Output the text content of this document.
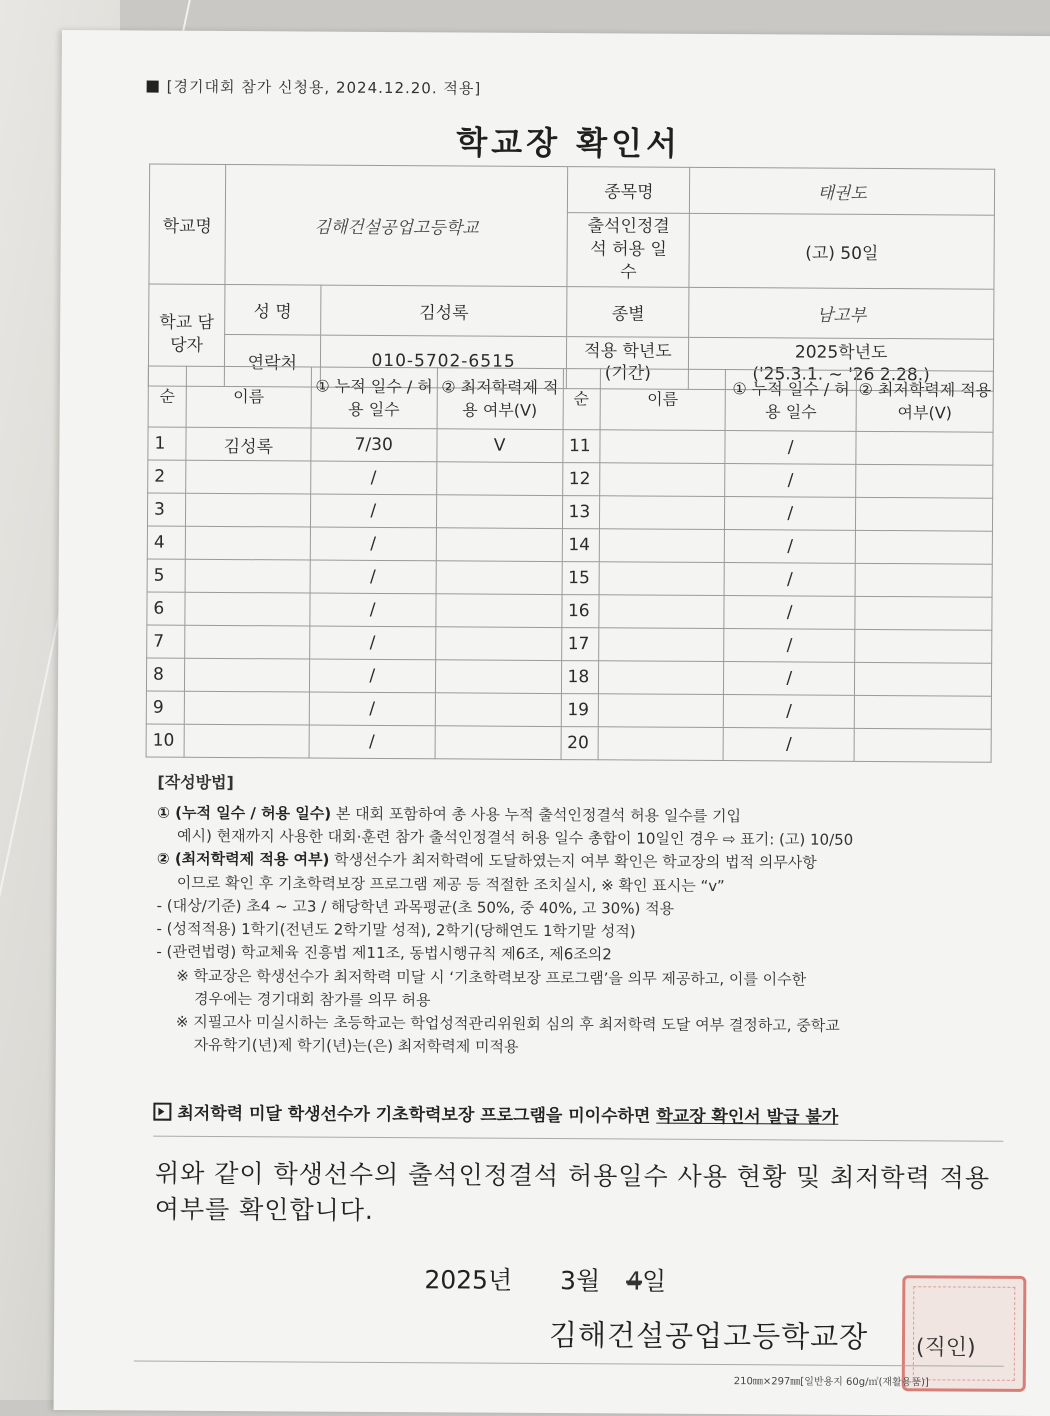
[경기대회 참가 신청용, 2024.12.20. 적용]
학교장 확인서
학교명	김해건설공업고등학교		종목명	태권도
			출석인정결석 허용 일수	(고) 50일
학교 담당자	성 명	김성록	종별	남고부
	연락처	010-5702-6515	적용 학년도 (기간)	2025학년도
('25.3.1. ~ '26 2.28.)
순	이름	① 누적 일수 / 허용 일수	② 최저학력제 적용 여부(V)	순	이름	① 누적 일수 / 허용 일수	② 최저학력제 적용 여부(V)
1	김성록	7/30	V	11		/	
2		/		12		/	
3		/		13		/	
4		/		14		/	
5		/		15		/	
6		/		16		/	
7		/		17		/	
8		/		18		/	
9		/		19		/	
10		/		20		/	
[작성방법]
① (누적 일수 / 허용 일수) 본 대회 포함하여 총 사용 누적 출석인정결석 허용 일수를 기입
예시) 현재까지 사용한 대회·훈련 참가 출석인정결석 허용 일수 총합이 10일인 경우 ⇨ 표기: (고) 10/50
② (최저학력제 적용 여부) 학생선수가 최저학력에 도달하였는지 여부 확인은 학교장의 법적 의무사항
이므로 확인 후 기초학력보장 프로그램 제공 등 적절한 조치실시, ※ 확인 표시는 “v”
- (대상/기준) 초4 ~ 고3 / 해당학년 과목평균(초 50%, 중 40%, 고 30%) 적용
- (성적적용) 1학기(전년도 2학기말 성적), 2학기(당해연도 1학기말 성적)
- (관련법령) 학교체육 진흥법 제11조, 동법시행규칙 제6조, 제6조의2
※ 학교장은 학생선수가 최저학력 미달 시 ‘기초학력보장 프로그램’을 의무 제공하고, 이를 이수한
경우에는 경기대회 참가를 의무 허용
※ 지필고사 미실시하는 초등학교는 학업성적관리위원회 심의 후 최저학력 도달 여부 결정하고, 중학교
자유학기(년)제 학기(년)는(은) 최저학력제 미적용
최저학력 미달 학생선수가 기초학력보장 프로그램을 미이수하면 학교장 확인서 발급 불가
위와 같이 학생선수의 출석인정결석 허용일수 사용 현황 및 최저학력 적용 여부를 확인합니다.
2025년 3월 4일
김해건설공업고등학교장 (직인)
210㎜×297㎜[일반용지 60g/㎡(재활용품)]
